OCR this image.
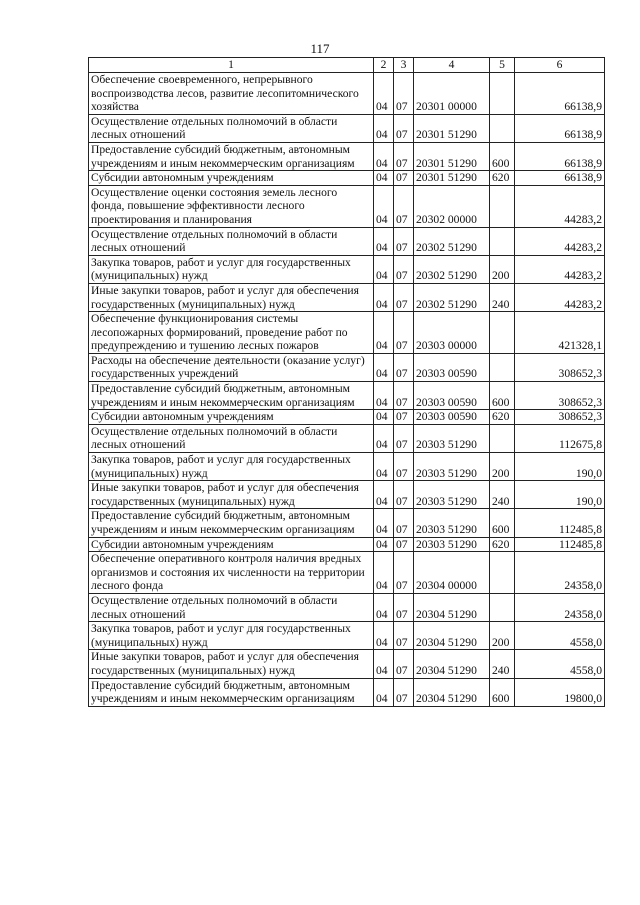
117
1	2	3	4	5	6
Обеспечение своевременного, непрерывного воспроизводства лесов, развитие лесопитомнического хозяйства	04	07	20301 00000		66138,9
Осуществление отдельных полномочий в области лесных отношений	04	07	20301 51290		66138,9
Предоставление субсидий бюджетным, автономным учреждениям и иным некоммерческим организациям	04	07	20301 51290	600	66138,9
Субсидии автономным учреждениям	04	07	20301 51290	620	66138,9
Осуществление оценки состояния земель лесного фонда, повышение эффективности лесного проектирования и планирования	04	07	20302 00000		44283,2
Осуществление отдельных полномочий в области лесных отношений	04	07	20302 51290		44283,2
Закупка товаров, работ и услуг для государственных (муниципальных) нужд	04	07	20302 51290	200	44283,2
Иные закупки товаров, работ и услуг для обеспечения государственных (муниципальных) нужд	04	07	20302 51290	240	44283,2
Обеспечение функционирования системы лесопожарных формирований, проведение работ по предупреждению и тушению лесных пожаров	04	07	20303 00000		421328,1
Расходы на обеспечение деятельности (оказание услуг) государственных учреждений	04	07	20303 00590		308652,3
Предоставление субсидий бюджетным, автономным учреждениям и иным некоммерческим организациям	04	07	20303 00590	600	308652,3
Субсидии автономным учреждениям	04	07	20303 00590	620	308652,3
Осуществление отдельных полномочий в области лесных отношений	04	07	20303 51290		112675,8
Закупка товаров, работ и услуг для государственных (муниципальных) нужд	04	07	20303 51290	200	190,0
Иные закупки товаров, работ и услуг для обеспечения государственных (муниципальных) нужд	04	07	20303 51290	240	190,0
Предоставление субсидий бюджетным, автономным учреждениям и иным некоммерческим организациям	04	07	20303 51290	600	112485,8
Субсидии автономным учреждениям	04	07	20303 51290	620	112485,8
Обеспечение оперативного контроля наличия вредных организмов и состояния их численности на территории лесного фонда	04	07	20304 00000		24358,0
Осуществление отдельных полномочий в области лесных отношений	04	07	20304 51290		24358,0
Закупка товаров, работ и услуг для государственных (муниципальных) нужд	04	07	20304 51290	200	4558,0
Иные закупки товаров, работ и услуг для обеспечения государственных (муниципальных) нужд	04	07	20304 51290	240	4558,0
Предоставление субсидий бюджетным, автономным учреждениям и иным некоммерческим организациям	04	07	20304 51290	600	19800,0
